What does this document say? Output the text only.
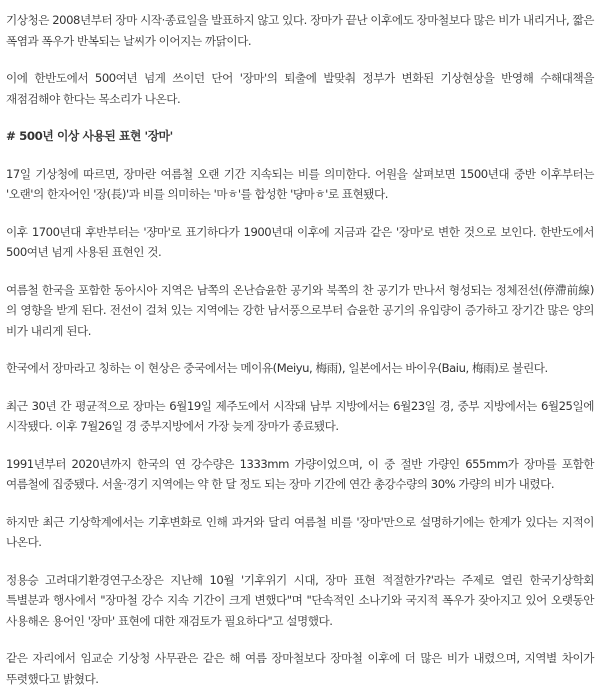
기상청은 2008년부터 장마 시작·종료일을 발표하지 않고 있다. 장마가 끝난 이후에도 장마철보다 많은 비가 내리거나, 짧은 폭염과 폭우가 반복되는 날씨가 이어지는 까닭이다.

이에 한반도에서 500여년 넘게 쓰이던 단어 '장마'의 퇴출에 발맞춰 정부가 변화된 기상현상을 반영해 수해대책을 재점검해야 한다는 목소리가 나온다.

# 500년 이상 사용된 표현 '장마'

17일 기상청에 따르면, 장마란 여름철 오랜 기간 지속되는 비를 의미한다. 어원을 살펴보면 1500년대 중반 이후부터는 '오랜'의 한자어인 '장(長)'과 비를 의미하는 '마ㅎ'를 합성한 '댱마ㅎ'로 표현됐다.

이후 1700년대 후반부터는 '쟝마'로 표기하다가 1900년대 이후에 지금과 같은 '장마'로 변한 것으로 보인다. 한반도에서 500여년 넘게 사용된 표현인 것.

여름철 한국을 포함한 동아시아 지역은 남쪽의 온난습윤한 공기와 북쪽의 찬 공기가 만나서 형성되는 정체전선(停滯前線)의 영향을 받게 된다. 전선이 걸쳐 있는 지역에는 강한 남서풍으로부터 습윤한 공기의 유입량이 증가하고 장기간 많은 양의 비가 내리게 된다.

한국에서 장마라고 칭하는 이 현상은 중국에서는 메이유(Meiyu, 梅雨), 일본에서는 바이우(Baiu, 梅雨)로 불린다.

최근 30년 간 평균적으로 장마는 6월19일 제주도에서 시작돼 남부 지방에서는 6월23일 경, 중부 지방에서는 6월25일에 시작됐다. 이후 7월26일 경 중부지방에서 가장 늦게 장마가 종료됐다.

1991년부터 2020년까지 한국의 연 강수량은 1333mm 가량이었으며, 이 중 절반 가량인 655mm가 장마를 포함한 여름철에 집중됐다. 서울·경기 지역에는 약 한 달 정도 되는 장마 기간에 연간 총강수량의 30% 가량의 비가 내렸다.

하지만 최근 기상학계에서는 기후변화로 인해 과거와 달리 여름철 비를 '장마'만으로 설명하기에는 한계가 있다는 지적이 나온다.

정용승 고려대기환경연구소장은 지난해 10월 '기후위기 시대, 장마 표현 적절한가?'라는 주제로 열린 한국기상학회 특별분과 행사에서 "장마철 강수 지속 기간이 크게 변했다"며 "단속적인 소나기와 국지적 폭우가 잦아지고 있어 오랫동안 사용해온 용어인 '장마' 표현에 대한 재검토가 필요하다"고 설명했다.

같은 자리에서 임교순 기상청 사무관은 같은 해 여름 장마철보다 장마철 이후에 더 많은 비가 내렸으며, 지역별 차이가 뚜렷했다고 밝혔다.
